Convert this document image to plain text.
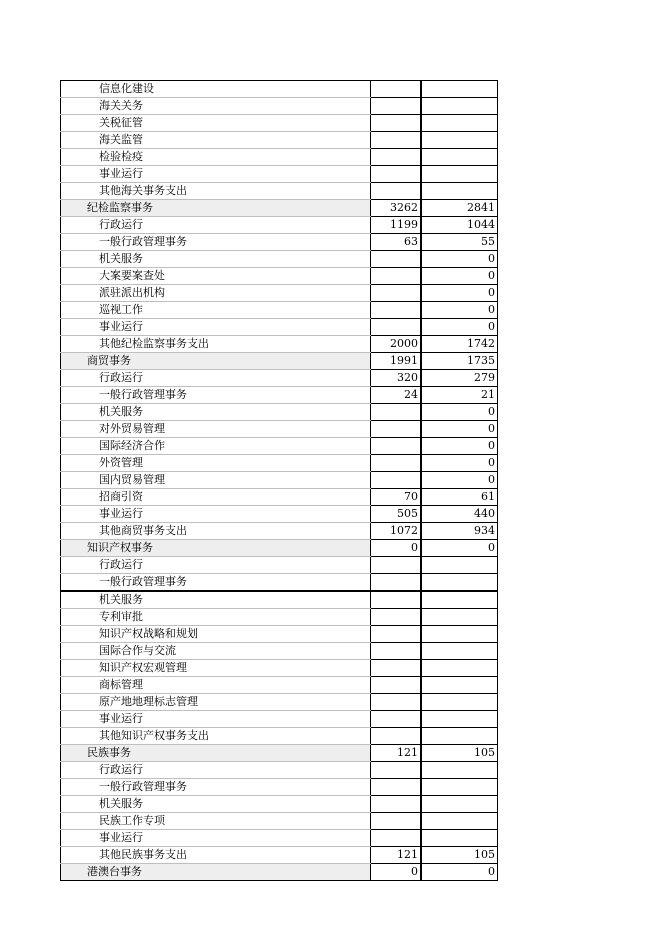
信息化建设			
海关关务			
关税征管			
海关监管			
检验检疫			
事业运行			
其他海关事务支出			
纪检监察事务	3262		2841
行政运行	1199		1044
一般行政管理事务	63		55
机关服务			0
大案要案查处			0
派驻派出机构			0
巡视工作			0
事业运行			0
其他纪检监察事务支出	2000		1742
商贸事务	1991		1735
行政运行	320		279
一般行政管理事务	24		21
机关服务			0
对外贸易管理			0
国际经济合作			0
外资管理			0
国内贸易管理			0
招商引资	70		61
事业运行	505		440
其他商贸事务支出	1072		934
知识产权事务	0		0
行政运行			
一般行政管理事务			
机关服务			
专利审批			
知识产权战略和规划			
国际合作与交流			
知识产权宏观管理			
商标管理			
原产地地理标志管理			
事业运行			
其他知识产权事务支出			
民族事务	121		105
行政运行			
一般行政管理事务			
机关服务			
民族工作专项			
事业运行			
其他民族事务支出	121		105
港澳台事务	0		0
